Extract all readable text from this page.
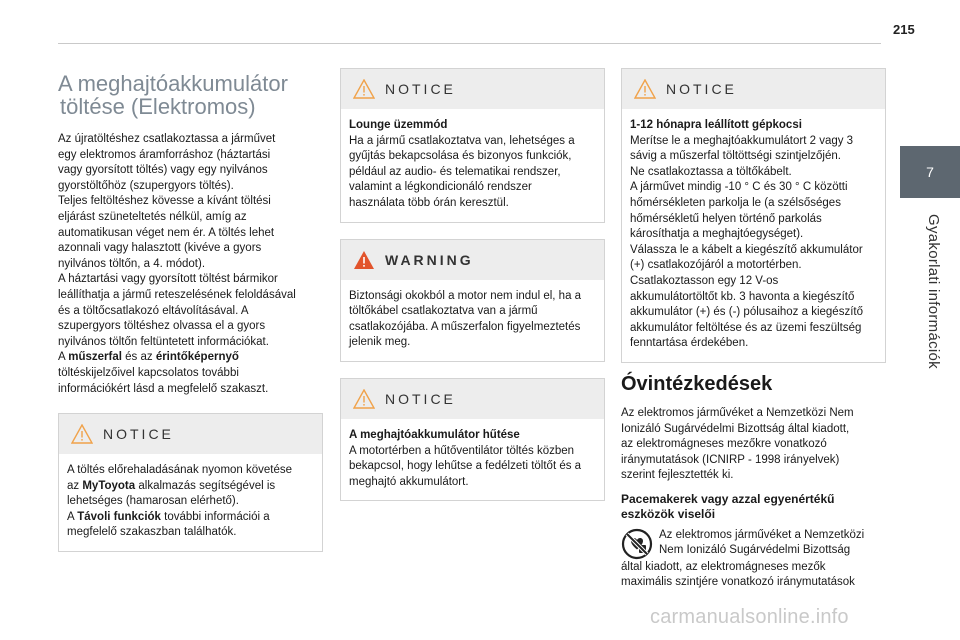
215
7
Gyakorlati információk
A meghajtóakkumulátor
töltése (Elektromos)
Az újratöltéshez csatlakoztassa a járművet
egy elektromos áramforráshoz (háztartási
vagy gyorsított töltés) vagy egy nyilvános
gyorstöltőhöz (szupergyors töltés).
Teljes feltöltéshez kövesse a kívánt töltési
eljárást szüneteltetés nélkül, amíg az
automatikusan véget nem ér. A töltés lehet
azonnali vagy halasztott (kivéve a gyors
nyilvános töltőn, a 4. módot).
A háztartási vagy gyorsított töltést bármikor
leállíthatja a jármű reteszelésének feloldásával
és a töltőcsatlakozó eltávolításával. A
szupergyors töltéshez olvassa el a gyors
nyilvános töltőn feltüntetett információkat.
A műszerfal és az érintőképernyő
töltéskijelzőivel kapcsolatos további
információkért lásd a megfelelő szakaszt.
NOTICE
A töltés előrehaladásának nyomon követése
az MyToyota alkalmazás segítségével is
lehetséges (hamarosan elérhető).
A Távoli funkciók további információi a
megfelelő szakaszban találhatók.
NOTICE
Lounge üzemmód
Ha a jármű csatlakoztatva van, lehetséges a
gyűjtás bekapcsolása és bizonyos funkciók,
például az audio- és telematikai rendszer,
valamint a légkondicionáló rendszer
használata több órán keresztül.
WARNING
Biztonsági okokból a motor nem indul el, ha a
töltőkábel csatlakoztatva van a jármű
csatlakozójába. A műszerfalon figyelmeztetés
jelenik meg.
NOTICE
A meghajtóakkumulátor hűtése
A motortérben a hűtőventilátor töltés közben
bekapcsol, hogy lehűtse a fedélzeti töltőt és a
meghajtó akkumulátort.
NOTICE
1-12 hónapra leállított gépkocsi
Merítse le a meghajtóakkumulátort 2 vagy 3
sávig a műszerfal töltöttségi szintjelzőjén.
Ne csatlakoztassa a töltőkábelt.
A járművet mindig -10 ° C és 30 ° C közötti
hőmérsékleten parkolja le (a szélsőséges
hőmérsékletű helyen történő parkolás
károsíthatja a meghajtóegységet).
Válassza le a kábelt a kiegészítő akkumulátor
(+) csatlakozójáról a motortérben.
Csatlakoztasson egy 12 V-os
akkumulátortöltőt kb. 3 havonta a kiegészítő
akkumulátor (+) és (-) pólusaihoz a kiegészítő
akkumulátor feltöltése és az üzemi feszültség
fenntartása érdekében.
Óvintézkedések
Az elektromos járművéket a Nemzetközi Nem
Ionizáló Sugárvédelmi Bizottság által kiadott,
az elektromágneses mezőkre vonatkozó
iránymutatások (ICNIRP - 1998 irányelvek)
szerint fejlesztették ki.
Pacemakerek vagy azzal egyenértékű
eszközök viselői
Az elektromos járművéket a Nemzetközi
Nem Ionizáló Sugárvédelmi Bizottság
által kiadott, az elektromágneses mezők
maximális szintjére vonatkozó iránymutatások
carmanualsonline.info
